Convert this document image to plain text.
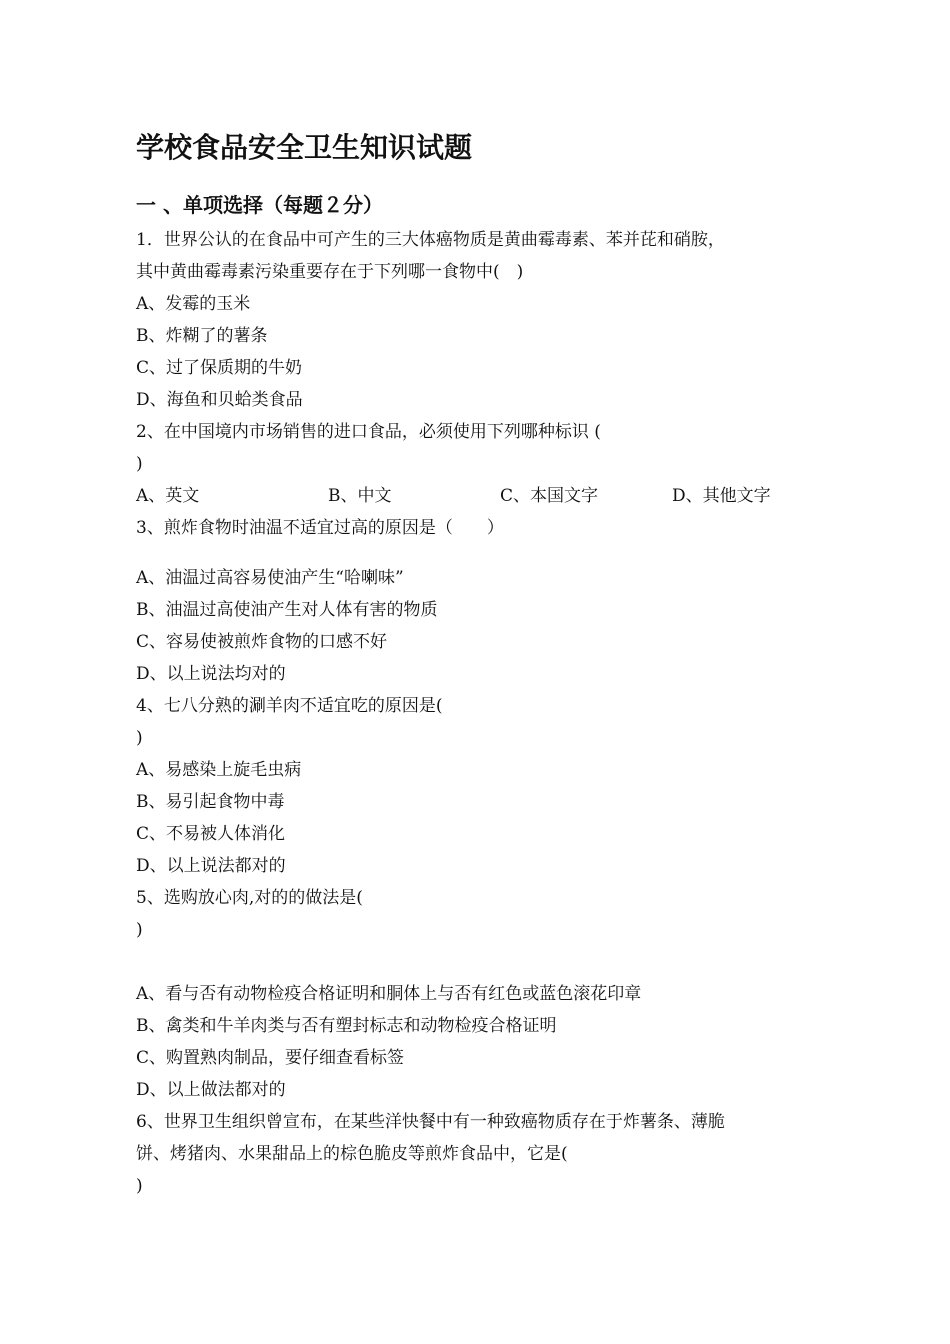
学校食品安全卫生知识试题
一 、单项选择（每题２分）
1．世界公认的在食品中可产生的三大体癌物质是黄曲霉毒素、苯并芘和硝胺，
其中黄曲霉毒素污染重要存在于下列哪一食物中(　)
A、发霉的玉米
B、炸糊了的薯条
C、过了保质期的牛奶
D、海鱼和贝蛤类食品
2、在中国境内市场销售的进口食品，必须使用下列哪种标识 (
)
A、英文	B、中文	C、本国文字	D、其他文字
3、煎炸食物时油温不适宜过高的原因是（　　）
A、油温过高容易使油产生“哈喇味”
B、油温过高使油产生对人体有害的物质
C、容易使被煎炸食物的口感不好
D、以上说法均对的
4、七八分熟的涮羊肉不适宜吃的原因是(
)
A、易感染上旋毛虫病
B、易引起食物中毒
C、不易被人体消化
D、以上说法都对的
5、选购放心肉,对的的做法是(
)
A、看与否有动物检疫合格证明和胴体上与否有红色或蓝色滚花印章
B、禽类和牛羊肉类与否有塑封标志和动物检疫合格证明
C、购置熟肉制品，要仔细查看标签
D、以上做法都对的
6、世界卫生组织曾宣布，在某些洋快餐中有一种致癌物质存在于炸薯条、薄脆
饼、烤猪肉、水果甜品上的棕色脆皮等煎炸食品中，它是(
)
